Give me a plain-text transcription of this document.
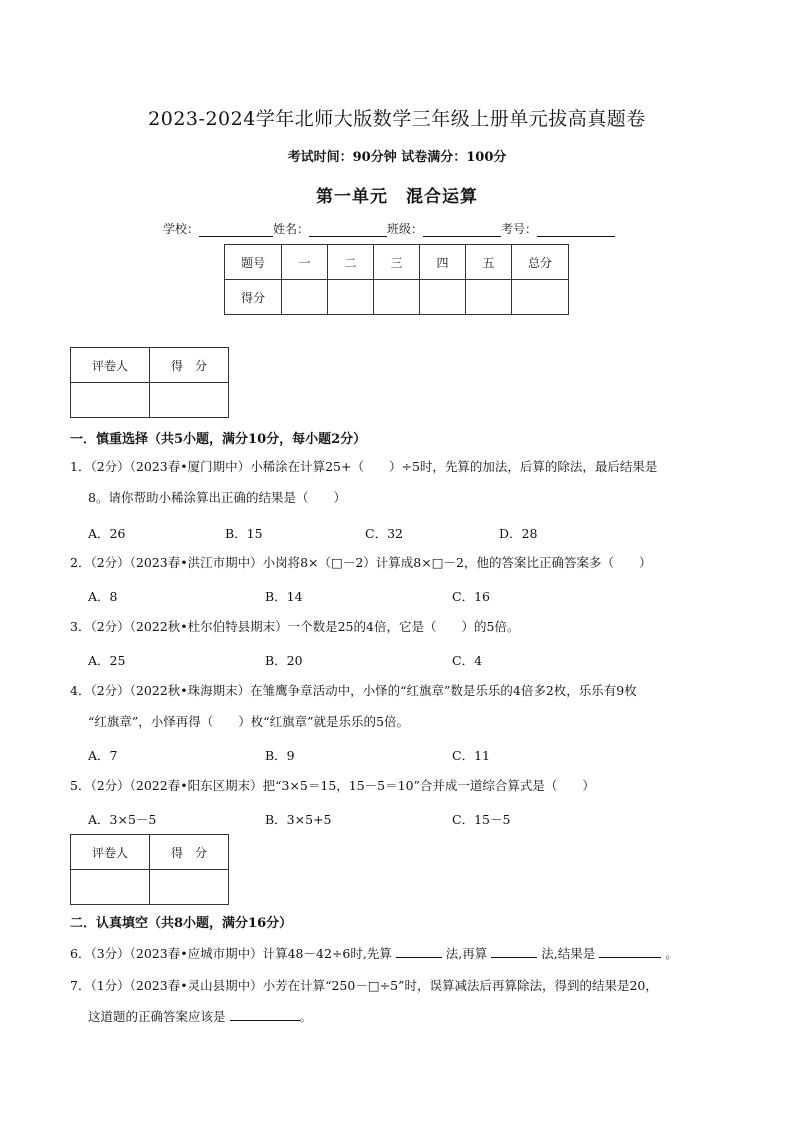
2023-2024学年北师大版数学三年级上册单元拔高真题卷
考试时间：90分钟 试卷满分：100分
第一单元　混合运算
学校：	姓名：	班级：	考号：
题号	一	二	三	四	五	总分
得分						
评卷人	得　分

一．慎重选择（共5小题，满分10分，每小题2分）
1．（2分）（2023春•厦门期中）小稀涂在计算25+（　　）÷5时，先算的加法，后算的除法，最后结果是
8。请你帮助小稀涂算出正确的结果是（　　）
A．26	B．15	C．32	D．28
2．（2分）（2023春•洪江市期中）小岗将8×（□－2）计算成8×□－2，他的答案比正确答案多（　　）
A．8	B．14	C．16
3．（2分）（2022秋•杜尔伯特县期末）一个数是25的4倍，它是（　　）的5倍。
A．25	B．20	C．4
4．（2分）（2022秋•珠海期末）在雏鹰争章活动中，小怿的“红旗章”数是乐乐的4倍多2枚，乐乐有9枚
“红旗章”，小怿再得（　　）枚“红旗章”就是乐乐的5倍。
A．7	B．9	C．11
5．（2分）（2022春•阳东区期末）把“3×5＝15，15－5＝10”合并成一道综合算式是（　　）
A．3×5－5	B．3×5+5	C．15－5
评卷人	得　分

二．认真填空（共8小题，满分16分）
6．（3分）（2023春•应城市期中）计算48－42÷6时,先算	法,再算	法,结果是	。
7．（1分）（2023春•灵山县期中）小芳在计算“250－□÷5”时，误算减法后再算除法，得到的结果是20，
这道题的正确答案应该是	。
